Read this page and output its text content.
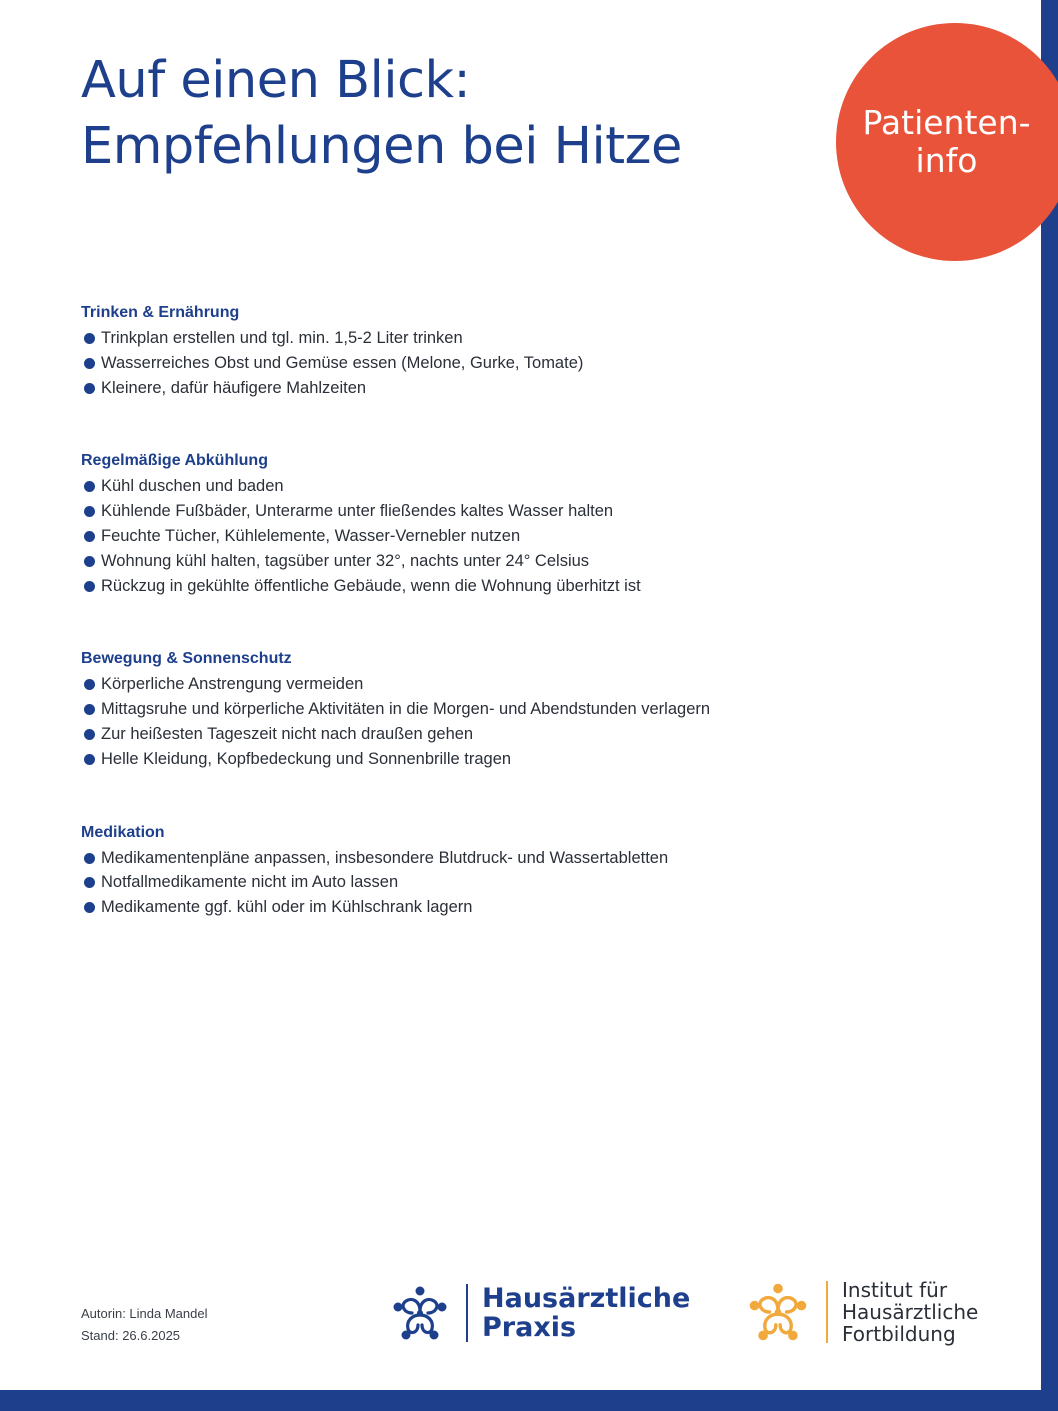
Auf einen Blick:
Empfehlungen bei Hitze	Patienten-
info
Trinken & Ernährung
Trinkplan erstellen und tgl. min. 1,5-2 Liter trinken
Wasserreiches Obst und Gemüse essen (Melone, Gurke, Tomate)
Kleinere, dafür häufigere Mahlzeiten
Regelmäßige Abkühlung
Kühl duschen und baden
Kühlende Fußbäder, Unterarme unter fließendes kaltes Wasser halten
Feuchte Tücher, Kühlelemente, Wasser-Vernebler nutzen
Wohnung kühl halten, tagsüber unter 32°, nachts unter 24° Celsius
Rückzug in gekühlte öffentliche Gebäude, wenn die Wohnung überhitzt ist
Bewegung & Sonnenschutz
Körperliche Anstrengung vermeiden
Mittagsruhe und körperliche Aktivitäten in die Morgen- und Abendstunden verlagern
Zur heißesten Tageszeit nicht nach draußen gehen
Helle Kleidung, Kopfbedeckung und Sonnenbrille tragen
Medikation
Medikamentenpläne anpassen, insbesondere Blutdruck- und Wassertabletten
Notfallmedikamente nicht im Auto lassen
Medikamente ggf. kühl oder im Kühlschrank lagern
Autorin: Linda Mandel
Stand: 26.6.2025
Hausärztliche
Praxis
Institut für
Hausärztliche
Fortbildung
